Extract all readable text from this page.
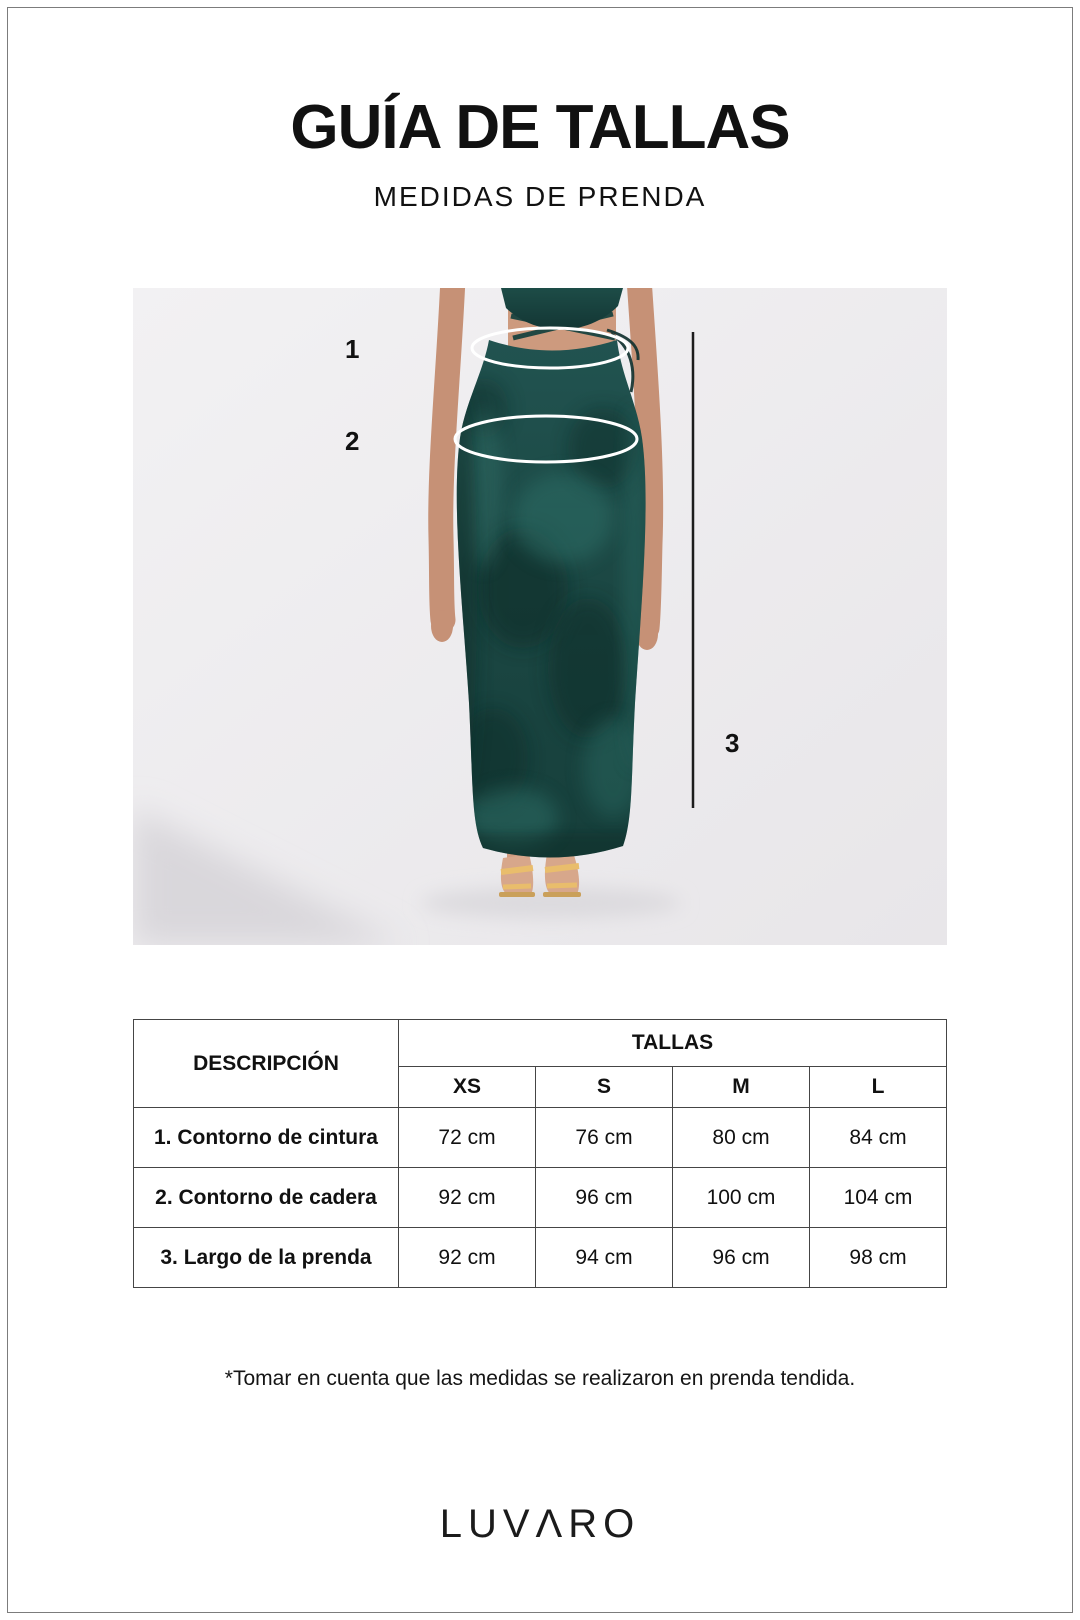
GUÍA DE TALLAS
MEDIDAS DE PRENDA
1
2
3
DESCRIPCIÓN	TALLAS			
	XS	S	M	L
1. Contorno de cintura	72 cm	76 cm	80 cm	84 cm
2. Contorno de cadera	92 cm	96 cm	100 cm	104 cm
3. Largo de la prenda	92 cm	94 cm	96 cm	98 cm
*Tomar en cuenta que las medidas se realizaron en prenda tendida.
LUVΛRO
